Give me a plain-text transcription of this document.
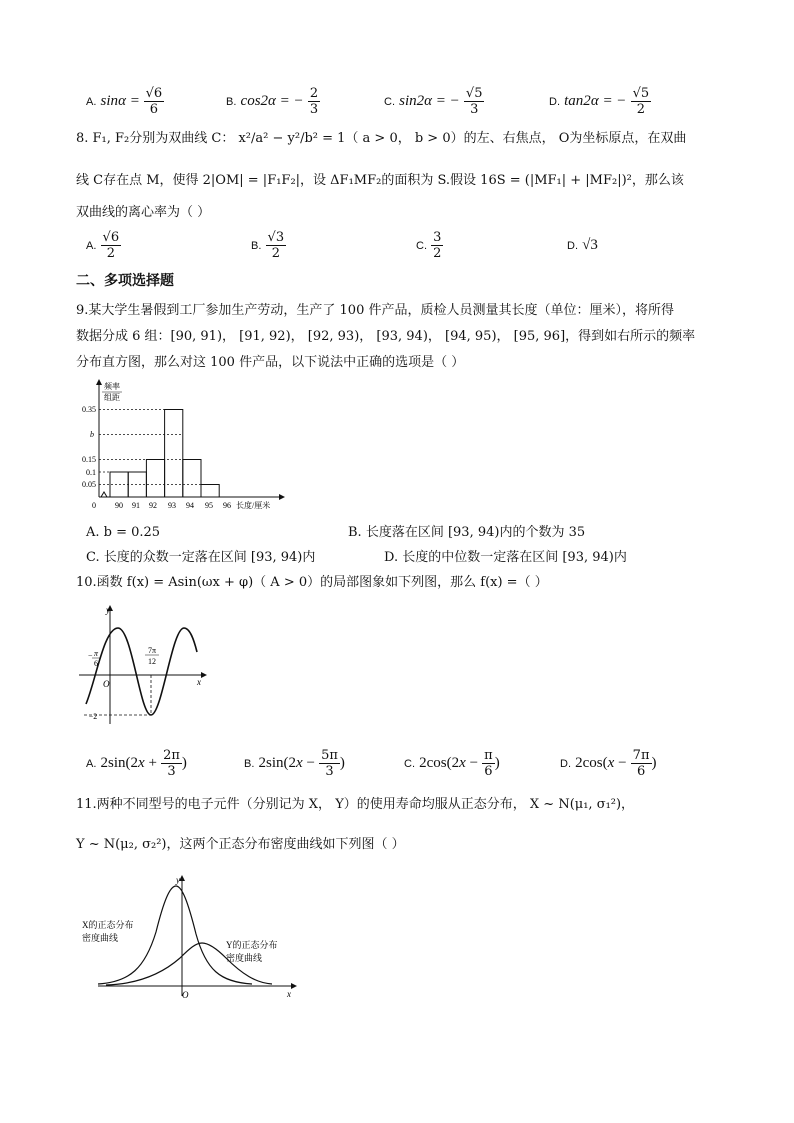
A. $\sin\alpha = \frac{√6}{6}$	B. cos2α = − $\frac{2}{3}$	C. sin2α = − $\frac{√5}{3}$	D. tan2α = − $\frac{√5}{2}$
8. F₁, F₂分别为双曲线 C： x²/a² − y²/b² = 1（ a > 0， b > 0）的左、右焦点， O为坐标原点，在双曲
线 C存在点 M，使得 2|OM| = |F₁F₂|，设 ΔF₁MF₂的面积为 S.假设 16S = (|MF₁| + |MF₂|)²，那么该
双曲线的离心率为（ ）
A. $\frac{√6}{2}$	B. $\frac{√3}{2}$	C. $\frac{3}{2}$	D. √3
二、多项选择题
9.某大学生暑假到工厂参加生产劳动，生产了 100 件产品，质检人员测量其长度（单位：厘米），将所得
数据分成 6 组：[90, 91)， [91, 92)， [92, 93)， [93, 94)， [94, 95)， [95, 96]，得到如右所示的频率
分布直方图，那么对这 100 件产品，以下说法中正确的选项是（ ）
频率
组距
0.35
b
0.15
0.1
0.05
0 90 91 92 93 94 95 96 长度/厘米
A. b = 0.25	B. 长度落在区间 [93, 94)内的个数为 35
C. 长度的众数一定落在区间 [93, 94)内	D. 长度的中位数一定落在区间 [93, 94)内
10.函数 f(x) = Asin(ωx + φ)（ A > 0）的局部图象如下列图，那么 f(x) =（ ）
y
x
O
− π
6
7π
12
−2
A. $2\sin(2x + \frac{2\pi}{3}$ )	B. $2\sin(2x - \frac{5\pi}{3}$ )	C. $2\cos(2x - \frac{\pi}{6}$ )	D. $2\cos(x - \frac{7\pi}{6}$ )
11.两种不同型号的电子元件（分别记为 X， Y）的使用寿命均服从正态分布， X ~ N(μ₁, σ₁²)，
Y ~ N(μ₂, σ₂²)，这两个正态分布密度曲线如下列图（ ）
y
x
O
X的正态分布
密度曲线
Y的正态分布
密度曲线
